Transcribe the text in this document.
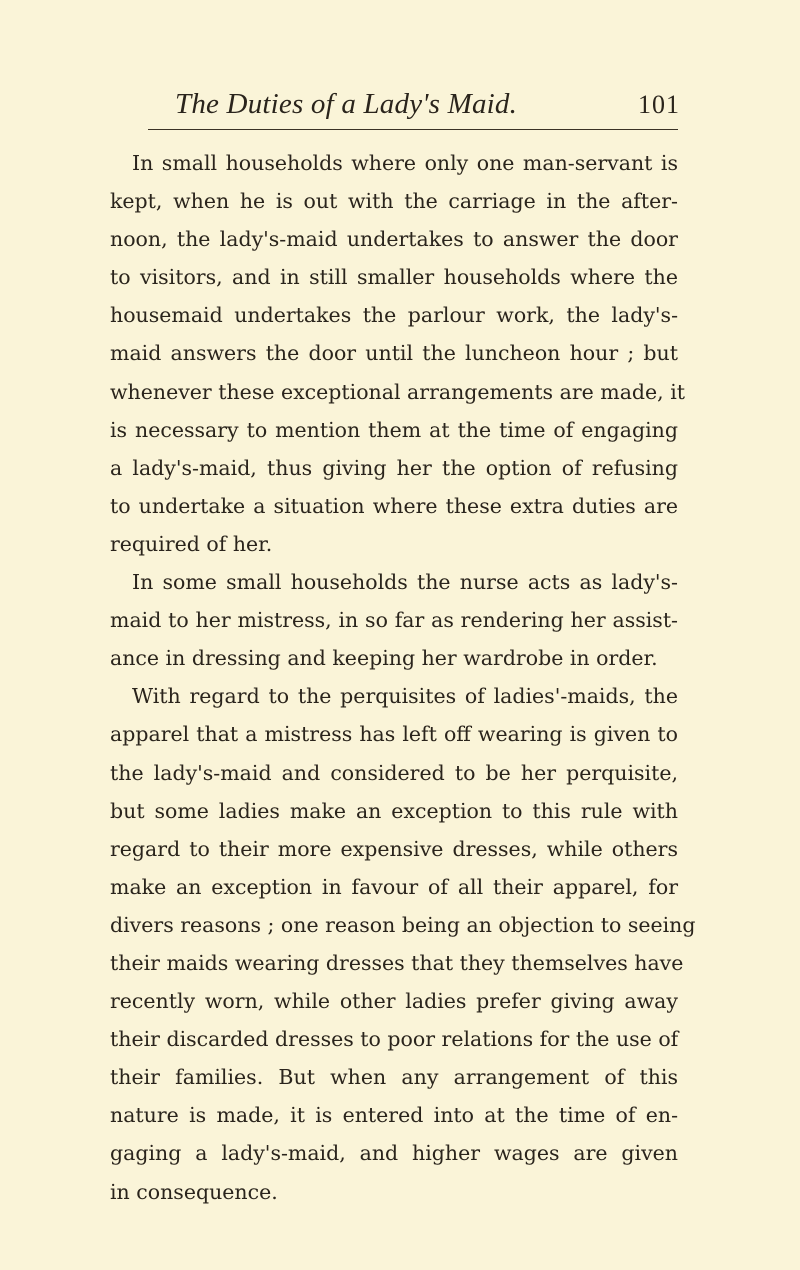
The Duties of a Lady's Maid.	101
In small households where only one man-servant is
kept, when he is out with the carriage in the after-
noon, the lady's-maid undertakes to answer the door
to visitors, and in still smaller households where the
housemaid undertakes the parlour work, the lady's-
maid answers the door until the luncheon hour ; but
whenever these exceptional arrangements are made, it
is necessary to mention them at the time of engaging
a lady's-maid, thus giving her the option of refusing
to undertake a situation where these extra duties are
required of her.
In some small households the nurse acts as lady's-
maid to her mistress, in so far as rendering her assist-
ance in dressing and keeping her wardrobe in order.
With regard to the perquisites of ladies'-maids, the
apparel that a mistress has left off wearing is given to
the lady's-maid and considered to be her perquisite,
but some ladies make an exception to this rule with
regard to their more expensive dresses, while others
make an exception in favour of all their apparel, for
divers reasons ; one reason being an objection to seeing
their maids wearing dresses that they themselves have
recently worn, while other ladies prefer giving away
their discarded dresses to poor relations for the use of
their families. But when any arrangement of this
nature is made, it is entered into at the time of en-
gaging a lady's-maid, and higher wages are given
in consequence.
